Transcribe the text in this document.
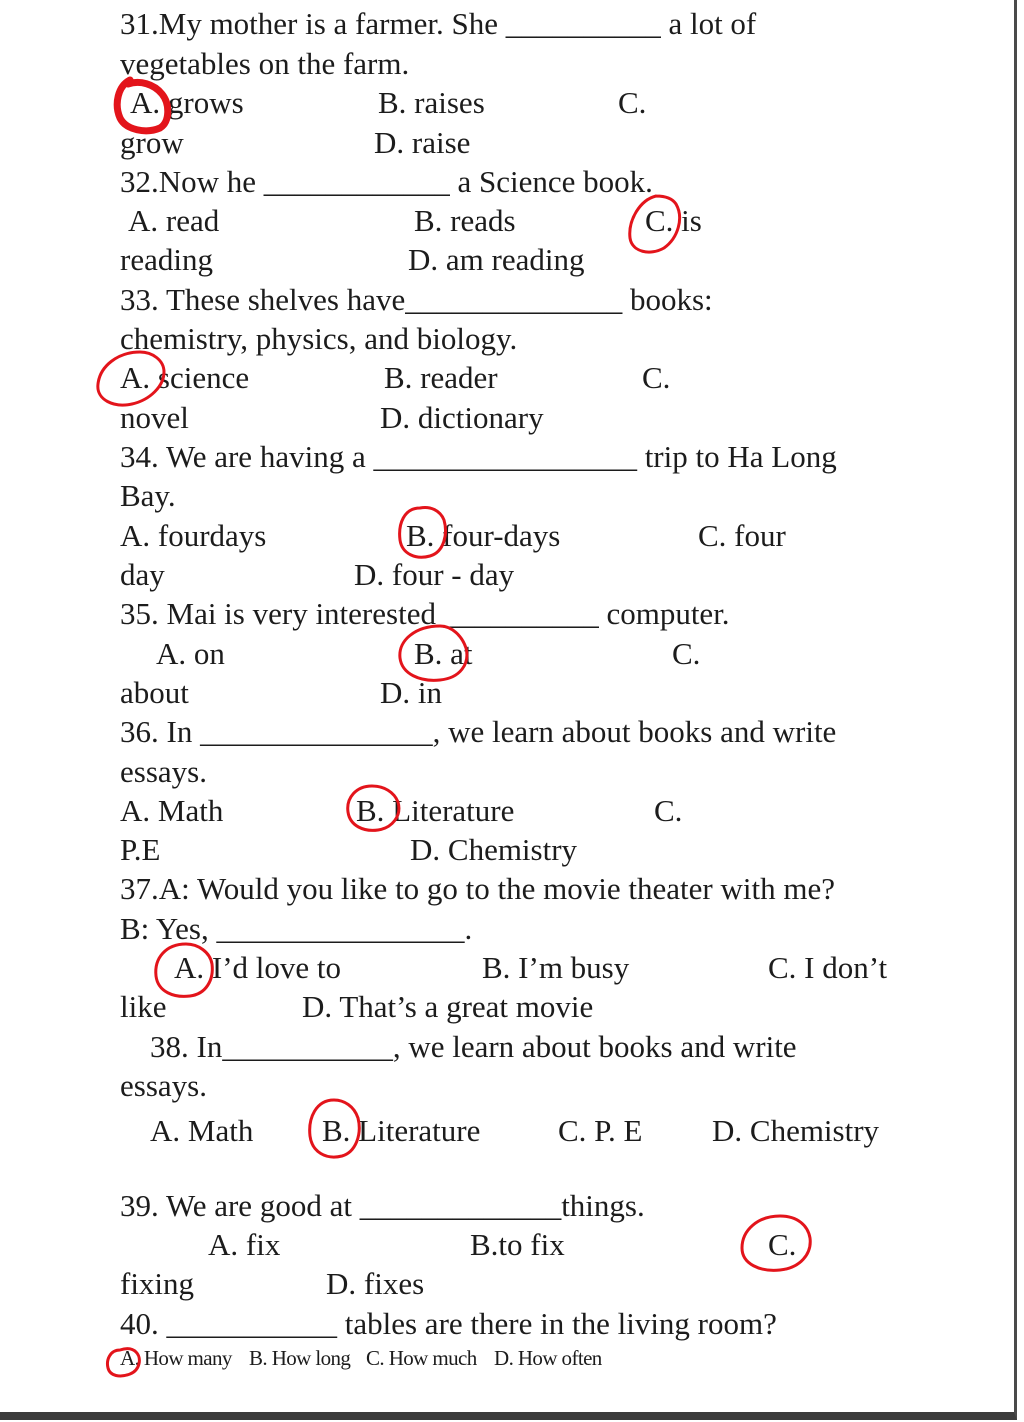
31.My mother is a farmer. She __________ a lot of
vegetables on the farm.
A. grows	B. raises	C.
grow	D. raise
32.Now he ____________ a Science book.
A. read	B. reads	C. is
reading	D. am reading
33. These shelves have______________ books:
chemistry, physics, and biology.
A. science	B. reader	C.
novel	D. dictionary
34. We are having a _________________ trip to Ha Long
Bay.
A. fourdays	B. four-days	C. four
day	D. four - day
35. Mai is very interested __________ computer.
A. on	B. at	C.
about	D. in
36. In _______________, we learn about books and write
essays.
A. Math	B. Literature	C.
P.E	D. Chemistry
37.A: Would you like to go to the movie theater with me?
B: Yes, ________________.
A. I’d love to	B. I’m busy	C. I don’t
like	D. That’s a great movie
38. In___________, we learn about books and write
essays.
A. Math B. Literature	C. P. E D. Chemistry
39. We are good at _____________things.
A. fix	B.to fix	C.
fixing	D. fixes
40. ___________ tables are there in the living room?
A. How many B. How long C. How much D. How often
